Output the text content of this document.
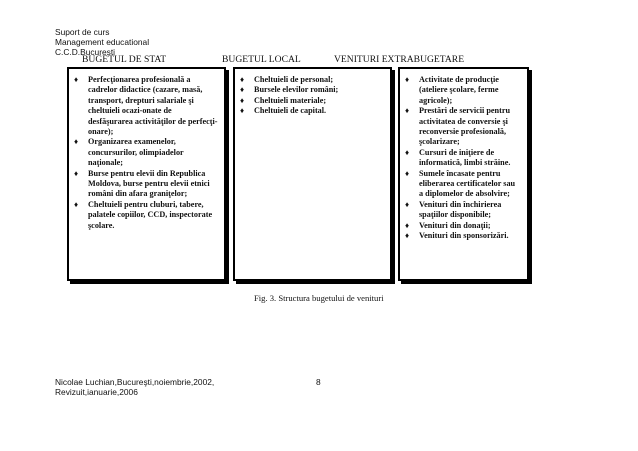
Suport de curs
Management educational
C.C.D.Bucuresti
BUGETUL DE STAT	BUGETUL LOCAL	VENITURI EXTRABUGETARE
♦ Perfecţionarea profesională a cadrelor didactice (cazare, masă, transport, drepturi salariale şi cheltuieli ocazi-onate de desfăşurarea activităţilor de perfecţi-onare);
♦ Organizarea examenelor, concursurilor, olimpiadelor naţionale;
♦ Burse pentru elevii din Republica Moldova, burse pentru elevii etnici români din afara graniţelor;
♦ Cheltuieli pentru cluburi, tabere, palatele copiilor, CCD, inspectorate şcolare.
♦ Cheltuieli de personal;
♦ Bursele elevilor români;
♦ Cheltuieli materiale;
♦ Cheltuieli de capital.
♦ Activitate de producţie (ateliere şcolare, ferme agricole);
♦ Prestări de servicii pentru activitatea de conversie şi reconversie profesională, şcolarizare;
♦ Cursuri de iniţiere de informatică, limbi străine.
♦ Sumele încasate pentru eliberarea certificatelor sau a diplomelor de absolvire;
♦ Venituri din închirierea spaţiilor disponibile;
♦ Venituri din donaţii;
♦ Venituri din sponsorizări.
Fig. 3. Structura bugetului de venituri
Nicolae Luchian,Bucureşti,noiembrie,2002,
Revizuit,ianuarie,2006
8
